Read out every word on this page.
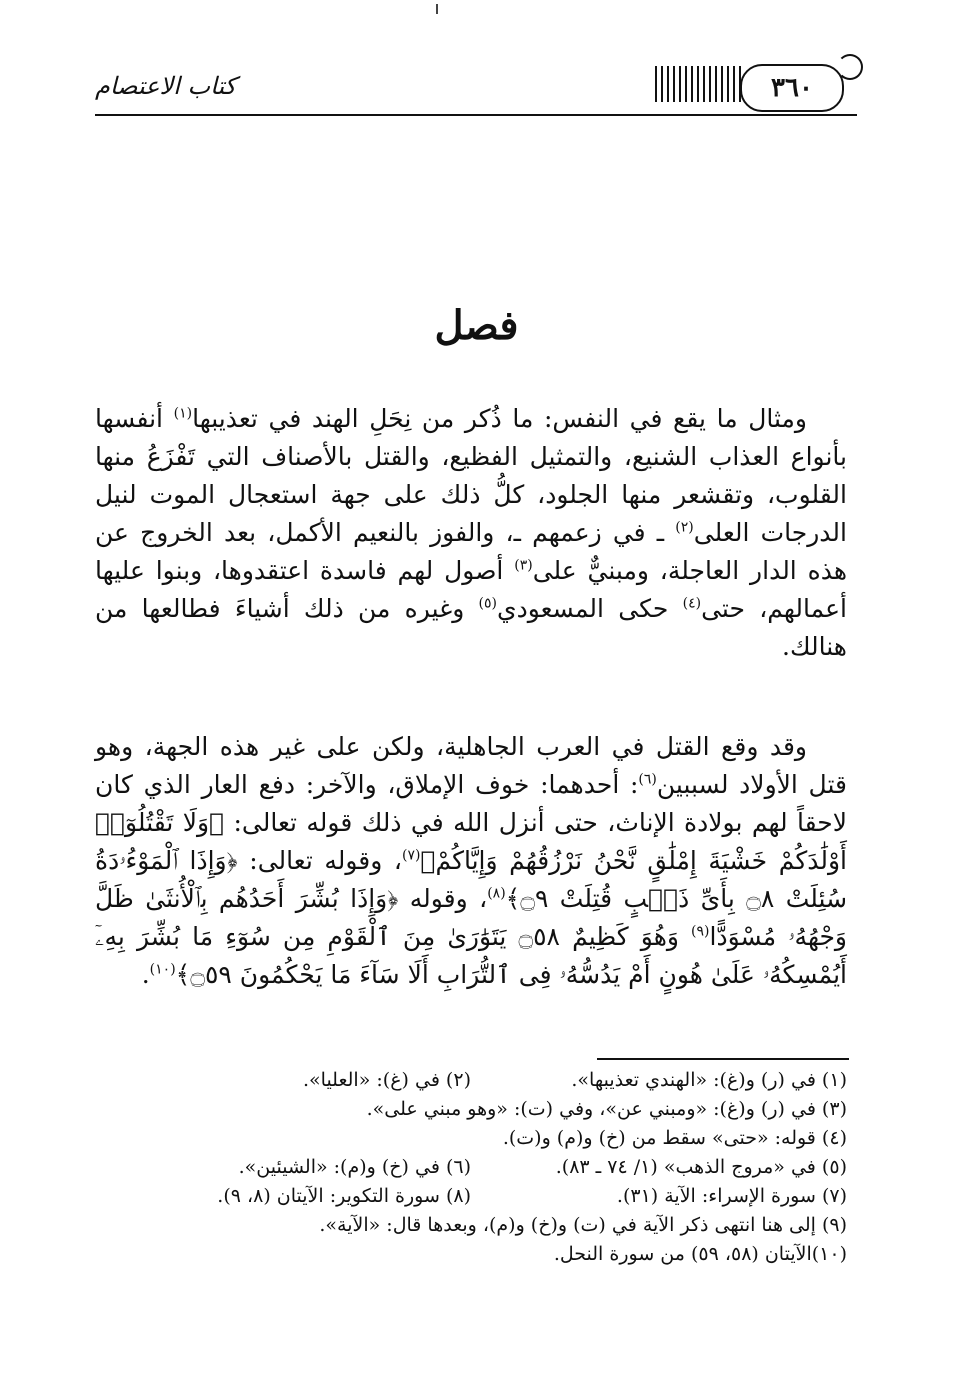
كتاب الاعتصام	٣٦٠
فصل
ومثال ما يقع في النفس: ما ذُكر من نِحَلِ الهند في تعذيبها$^{(١)}$ أنفسها بأنواع العذاب الشنيع، والتمثيل الفظيع، والقتل بالأصناف التي تَفْزَعُ منها القلوب، وتقشعر منها الجلود، كلُّ ذلك على جهة استعجال الموت لنيل الدرجات العلى$^{(٢)}$ ـ في زعمهم ـ، والفوز بالنعيم الأكمل، بعد الخروج عن هذه الدار العاجلة، ومبنيٌّ على$^{(٣)}$ أصول لهم فاسدة اعتقدوها، وبنوا عليها أعمالهم، حتى$^{(٤)}$ حكى المسعودي$^{(٥)}$ وغيره من ذلك أشياءَ فطالعها من هنالك.
وقد وقع القتل في العرب الجاهلية، ولكن على غير هذه الجهة، وهو قتل الأولاد لسببين$^{(٦)}$: أحدهما: خوف الإملاق، والآخر: دفع العار الذي كان لاحقاً لهم بولادة الإناث، حتى أنزل الله في ذلك قوله تعالى: ﴿وَلَا تَقْتُلُوٓا۟ أَوْلَٰدَكُمْ خَشْيَةَ إِمْلَٰقٍ نَّحْنُ نَرْزُقُهُمْ وَإِيَّاكُمْ﴾$^{(٧)}$، وقوله تعالى: ﴿وَإِذَا ٱلْمَوْءُۥدَةُ سُئِلَتْ ۝٨ بِأَىِّ ذَنۢبٍ قُتِلَتْ ۝٩﴾$^{(٨)}$، وقوله ﴿وَإِذَا بُشِّرَ أَحَدُهُم بِٱلْأُنثَىٰ ظَلَّ وَجْهُهُۥ مُسْوَدًّا$^{(٩)}$ وَهُوَ كَظِيمٌ ۝٥٨ يَتَوَٰرَىٰ مِنَ ٱلْقَوْمِ مِن سُوٓءِ مَا بُشِّرَ بِهِۦٓ أَيُمْسِكُهُۥ عَلَىٰ هُونٍ أَمْ يَدُسُّهُۥ فِى ٱلتُّرَابِ أَلَا سَآءَ مَا يَحْكُمُونَ ۝٥٩﴾$^{(١٠)}$.
(١) في (ر) و(غ): «الهندي تعذيبها».
(٢) في (غ): «العليا».
(٣) في (ر) و(غ): «ومبني عن»، وفي (ت): «وهو مبني على».
(٤) قوله: «حتى» سقط من (خ) و(م) و(ت).
(٥) في «مروج الذهب» (١/ ٧٤ ـ ٨٣).
(٦) في (خ) و(م): «الشيئين».
(٧) سورة الإسراء: الآية (٣١).
(٨) سورة التكوير: الآيتان (٨، ٩).
(٩) إلى هنا انتهى ذكر الآية في (ت) و(خ) و(م)، وبعدها قال: «الآية».
(١٠)الآيتان (٥٨، ٥٩) من سورة النحل.
